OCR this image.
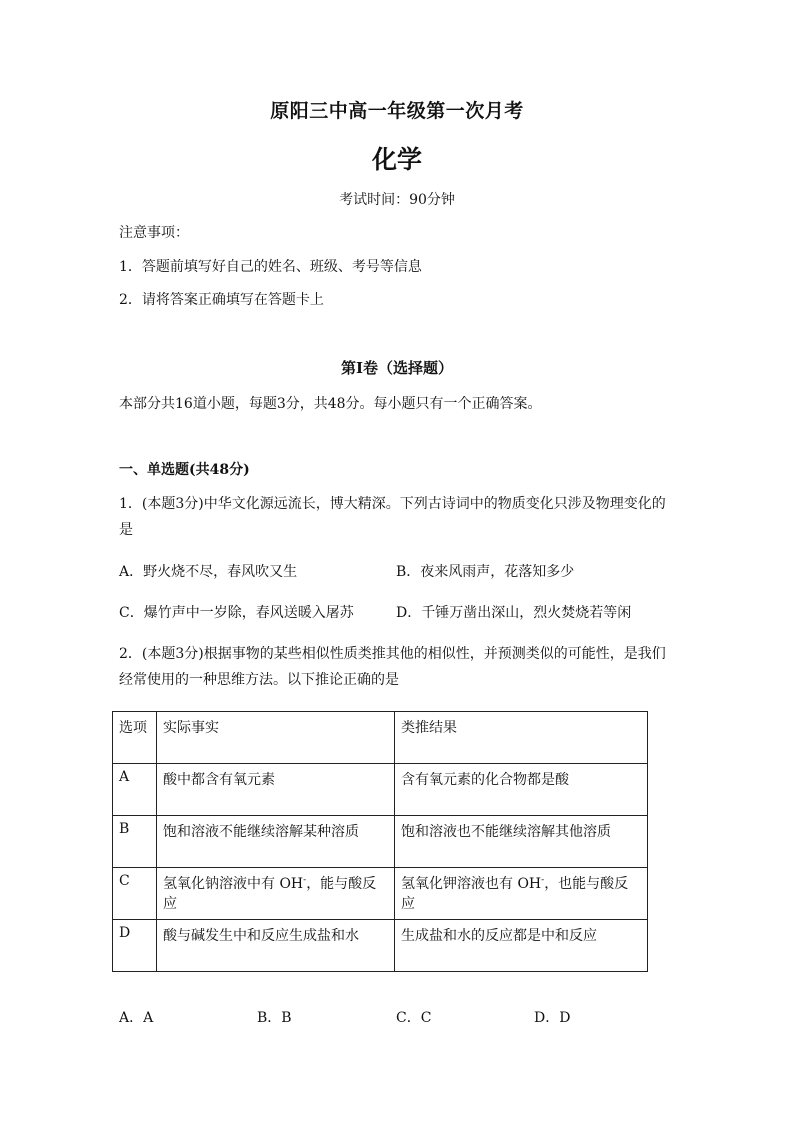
原阳三中高一年级第一次月考
化学
考试时间：90分钟
注意事项：
1．答题前填写好自己的姓名、班级、考号等信息
2．请将答案正确填写在答题卡上
第I卷（选择题）
本部分共16道小题，每题3分，共48分。每小题只有一个正确答案。
一、单选题(共48分)
1．(本题3分)中华文化源远流长，博大精深。下列古诗词中的物质变化只涉及物理变化的是
A．野火烧不尽，春风吹又生	B．夜来风雨声，花落知多少
C．爆竹声中一岁除，春风送暖入屠苏	D．千锤万凿出深山，烈火焚烧若等闲
2．(本题3分)根据事物的某些相似性质类推其他的相似性，并预测类似的可能性，是我们经常使用的一种思维方法。以下推论正确的是
选项	实际事实	类推结果
A	酸中都含有氧元素	含有氧元素的化合物都是酸
B	饱和溶液不能继续溶解某种溶质	饱和溶液也不能继续溶解其他溶质
C	氢氧化钠溶液中有 OH-，能与酸反应	氢氧化钾溶液也有 OH-，也能与酸反应
D	酸与碱发生中和反应生成盐和水	生成盐和水的反应都是中和反应
A．A	B．B	C．C	D．D
